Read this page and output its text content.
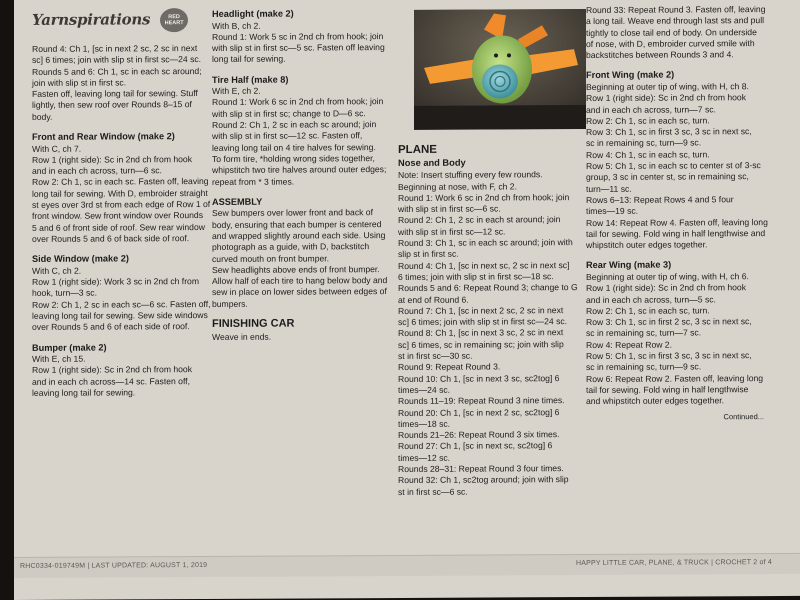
Yarnspirations	RED HEART
Round 4: Ch 1, [sc in next 2 sc, 2 sc in next
sc] 6 times; join with slip st in first sc—24 sc.
Rounds 5 and 6: Ch 1, sc in each sc around;
join with slip st in first sc.
Fasten off, leaving long tail for sewing. Stuff
lightly, then sew roof over Rounds 8–15 of
body.
Front and Rear Window (make 2)
With C, ch 7.
Row 1 (right side): Sc in 2nd ch from hook
and in each ch across, turn—6 sc.
Row 2: Ch 1, sc in each sc. Fasten off, leaving
long tail for sewing. With D, embroider straight
st eyes over 3rd st from each edge of Row 1 of
front window. Sew front window over Rounds
5 and 6 of front side of roof. Sew rear window
over Rounds 5 and 6 of back side of roof.
Side Window (make 2)
With C, ch 2.
Row 1 (right side): Work 3 sc in 2nd ch from
hook, turn—3 sc.
Row 2: Ch 1, 2 sc in each sc—6 sc. Fasten off,
leaving long tail for sewing. Sew side windows
over Rounds 5 and 6 of each side of roof.
Bumper (make 2)
With E, ch 15.
Row 1 (right side): Sc in 2nd ch from hook
and in each ch across—14 sc. Fasten off,
leaving long tail for sewing.
Headlight (make 2)
With B, ch 2.
Round 1: Work 5 sc in 2nd ch from hook; join
with slip st in first sc—5 sc. Fasten off leaving
long tail for sewing.
Tire Half (make 8)
With E, ch 2.
Round 1: Work 6 sc in 2nd ch from hook; join
with slip st in first sc; change to D—6 sc.
Round 2: Ch 1, 2 sc in each sc around; join
with slip st in first sc—12 sc. Fasten off,
leaving long tail on 4 tire halves for sewing.
To form tire, *holding wrong sides together,
whipstitch two tire halves around outer edges;
repeat from * 3 times.
ASSEMBLY
Sew bumpers over lower front and back of
body, ensuring that each bumper is centered
and wrapped slightly around each side. Using
photograph as a guide, with D, backstitch
curved mouth on front bumper.
Sew headlights above ends of front bumper.
Allow half of each tire to hang below body and
sew in place on lower sides between edges of
bumpers.
FINISHING CAR
Weave in ends.
PLANE
Nose and Body
Note: Insert stuffing every few rounds.
Beginning at nose, with F, ch 2.
Round 1: Work 6 sc in 2nd ch from hook; join
with slip st in first sc—6 sc.
Round 2: Ch 1, 2 sc in each st around; join
with slip st in first sc—12 sc.
Round 3: Ch 1, sc in each sc around; join with
slip st in first sc.
Round 4: Ch 1, [sc in next sc, 2 sc in next sc]
6 times; join with slip st in first sc—18 sc.
Rounds 5 and 6: Repeat Round 3; change to G
at end of Round 6.
Round 7: Ch 1, [sc in next 2 sc, 2 sc in next
sc] 6 times; join with slip st in first sc—24 sc.
Round 8: Ch 1, [sc in next 3 sc, 2 sc in next
sc] 6 times, sc in remaining sc; join with slip
st in first sc—30 sc.
Round 9: Repeat Round 3.
Round 10: Ch 1, [sc in next 3 sc, sc2tog] 6
times—24 sc.
Rounds 11–19: Repeat Round 3 nine times.
Round 20: Ch 1, [sc in next 2 sc, sc2tog] 6
times—18 sc.
Rounds 21–26: Repeat Round 3 six times.
Round 27: Ch 1, [sc in next sc, sc2tog] 6
times—12 sc.
Rounds 28–31: Repeat Round 3 four times.
Round 32: Ch 1, sc2tog around; join with slip
st in first sc—6 sc.
Round 33: Repeat Round 3. Fasten off, leaving
a long tail. Weave end through last sts and pull
tightly to close tail end of body. On underside
of nose, with D, embroider curved smile with
backstitches between Rounds 3 and 4.
Front Wing (make 2)
Beginning at outer tip of wing, with H, ch 8.
Row 1 (right side): Sc in 2nd ch from hook
and in each ch across, turn—7 sc.
Row 2: Ch 1, sc in each sc, turn.
Row 3: Ch 1, sc in first 3 sc, 3 sc in next sc,
sc in remaining sc, turn—9 sc.
Row 4: Ch 1, sc in each sc, turn.
Row 5: Ch 1, sc in each sc to center st of 3-sc
group, 3 sc in center st, sc in remaining sc,
turn—11 sc.
Rows 6–13: Repeat Rows 4 and 5 four
times—19 sc.
Row 14: Repeat Row 4. Fasten off, leaving long
tail for sewing. Fold wing in half lengthwise and
whipstitch outer edges together.
Rear Wing (make 3)
Beginning at outer tip of wing, with H, ch 6.
Row 1 (right side): Sc in 2nd ch from hook
and in each ch across, turn—5 sc.
Row 2: Ch 1, sc in each sc, turn.
Row 3: Ch 1, sc in first 2 sc, 3 sc in next sc,
sc in remaining sc, turn—7 sc.
Row 4: Repeat Row 2.
Row 5: Ch 1, sc in first 3 sc, 3 sc in next sc,
sc in remaining sc, turn—9 sc.
Row 6: Repeat Row 2. Fasten off, leaving long
tail for sewing. Fold wing in half lengthwise
and whipstitch outer edges together.
Continued...
RHC0334-019749M | LAST UPDATED: AUGUST 1, 2019	HAPPY LITTLE CAR, PLANE, & TRUCK | CROCHET 2 of 4
